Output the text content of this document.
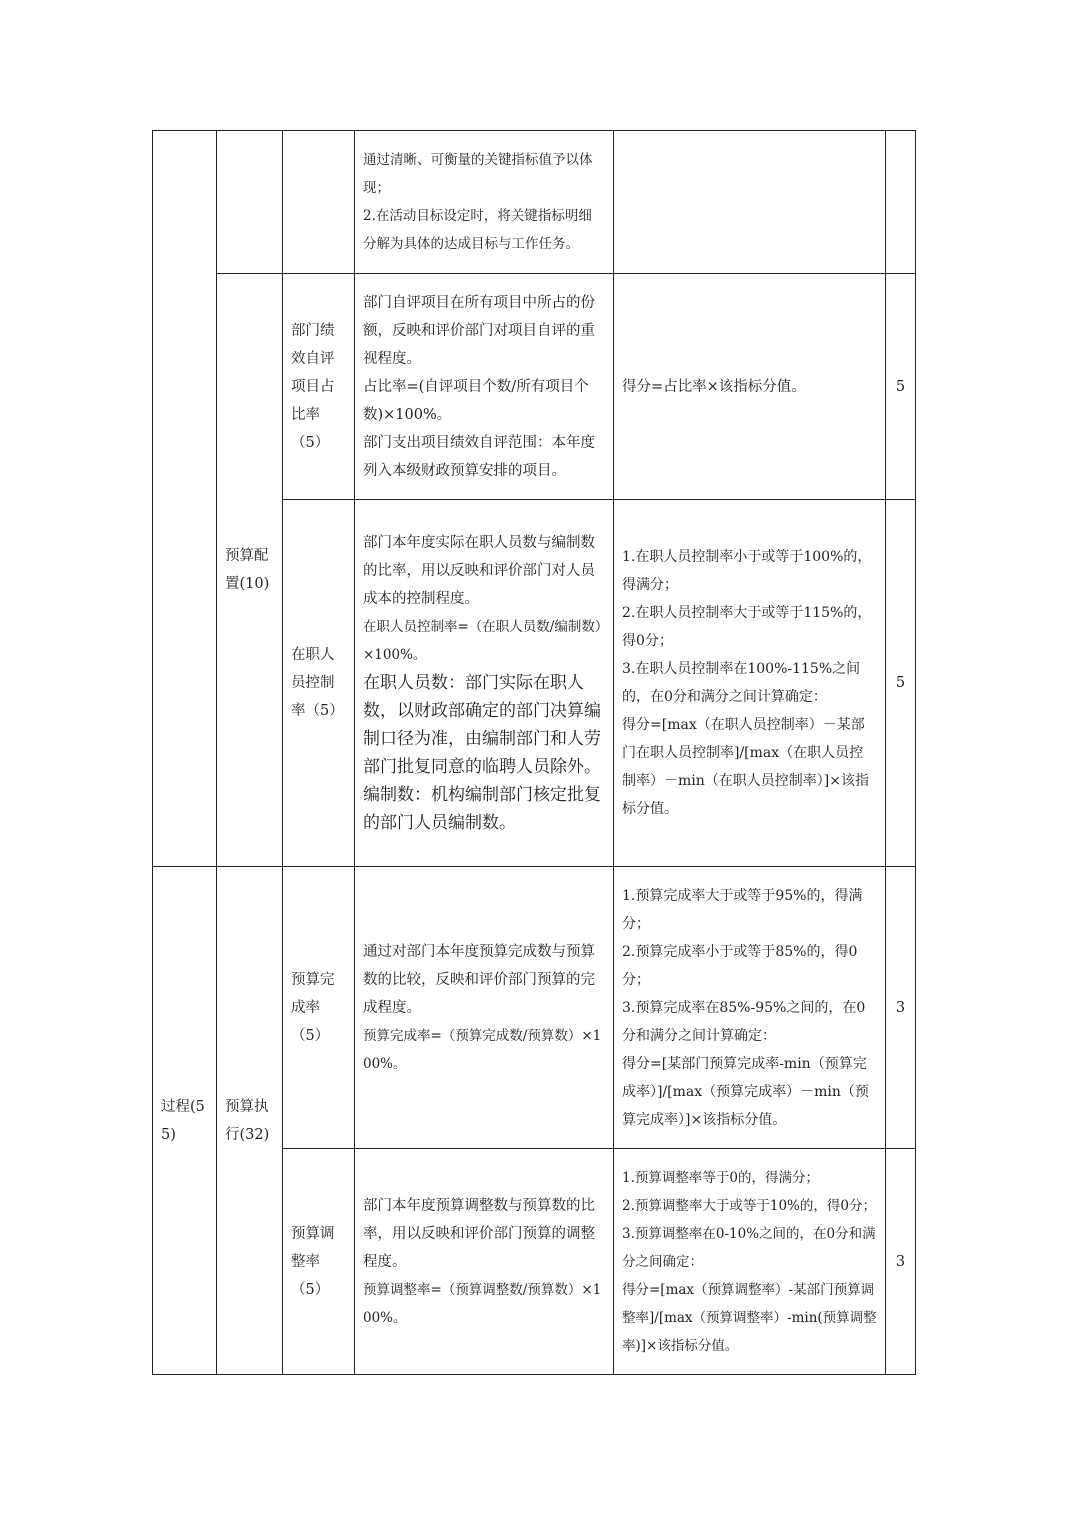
			通过清晰、可衡量的关键指标值予以体现；
2.在活动目标设定时，将关键指标明细分解为具体的达成目标与工作任务。		

	预算配置(10)	部门绩效自评项目占比率（5）	部门自评项目在所有项目中所占的份额，反映和评价部门对项目自评的重视程度。
占比率=(自评项目个数/所有项目个数)×100%。
部门支出项目绩效自评范围：本年度列入本级财政预算安排的项目。	得分=占比率×该指标分值。	5
		在职人员控制率（5）	部门本年度实际在职人员数与编制数的比率，用以反映和评价部门对人员成本的控制程度。
在职人员控制率=（在职人员数/编制数）×100%。
在职人员数：部门实际在职人数，以财政部确定的部门决算编制口径为准，由编制部门和人劳部门批复同意的临聘人员除外。
编制数：机构编制部门核定批复的部门人员编制数。	1.在职人员控制率小于或等于100%的，得满分；
2.在职人员控制率大于或等于115%的，得0分；
3.在职人员控制率在100%-115%之间的，在0分和满分之间计算确定：
得分=[max（在职人员控制率）－某部门在职人员控制率]/[max（在职人员控制率）－min（在职人员控制率）]×该指标分值。	5
过程(55)	预算执行(32)	预算完成率（5）	通过对部门本年度预算完成数与预算数的比较，反映和评价部门预算的完成程度。
预算完成率=（预算完成数/预算数）×100%。	1.预算完成率大于或等于95%的，得满分；
2.预算完成率小于或等于85%的，得0分；
3.预算完成率在85%-95%之间的，在0分和满分之间计算确定：
得分=[某部门预算完成率-min（预算完成率）]/[max（预算完成率）－min（预算完成率）]×该指标分值。	3
		预算调整率（5）	部门本年度预算调整数与预算数的比率，用以反映和评价部门预算的调整程度。
预算调整率=（预算调整数/预算数）×100%。	1.预算调整率等于0的，得满分；
2.预算调整率大于或等于10%的，得0分；
3.预算调整率在0-10%之间的，在0分和满分之间确定：
得分=[max（预算调整率）-某部门预算调整率]/[max（预算调整率）-min(预算调整率)]×该指标分值。	3
